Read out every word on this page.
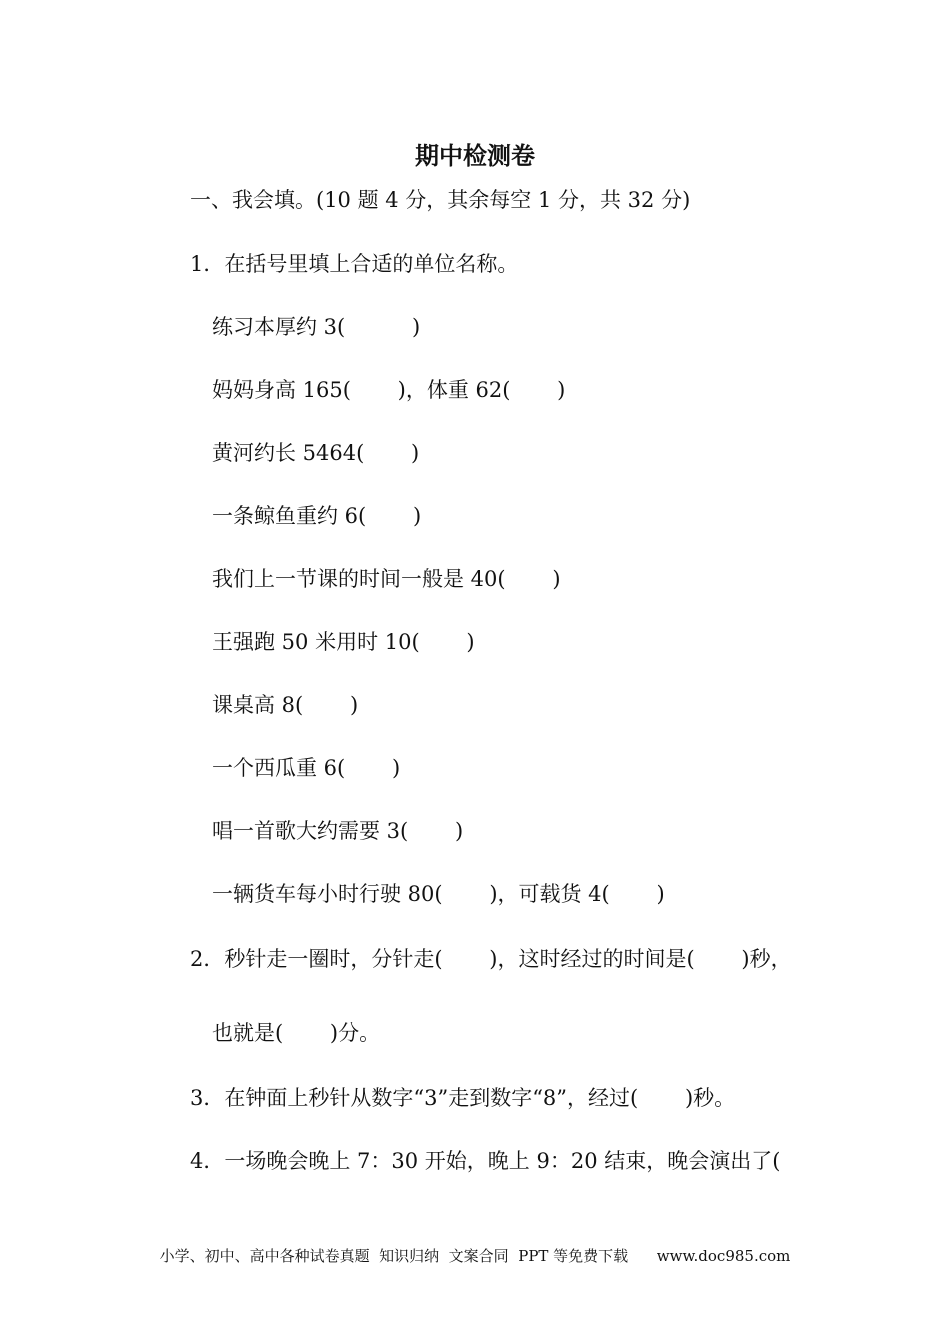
期中检测卷
一、我会填。(10 题 4 分，其余每空 1 分，共 32 分)
1．在括号里填上合适的单位名称。
练习本厚约 3(          )
妈妈身高 165(       )，体重 62(       )
黄河约长 5464(       )
一条鲸鱼重约 6(       )
我们上一节课的时间一般是 40(       )
王强跑 50 米用时 10(       )
课桌高 8(       )
一个西瓜重 6(       )
唱一首歌大约需要 3(       )
一辆货车每小时行驶 80(       )，可载货 4(       )
2．秒针走一圈时，分针走(       )，这时经过的时间是(       )秒，
也就是(       )分。
3．在钟面上秒针从数字“3”走到数字“8”，经过(       )秒。
4．一场晚会晚上 7：30 开始，晚上 9：20 结束，晚会演出了(
小学、初中、高中各种试卷真题  知识归纳  文案合同  PPT 等免费下载      www.doc985.com
